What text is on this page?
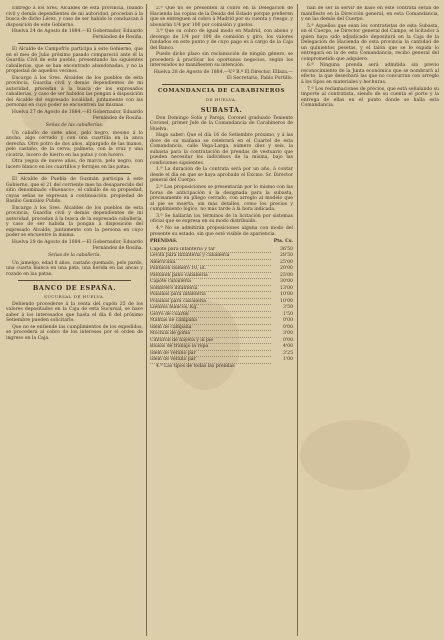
Entregó á los Sres. Alcaldes de esta provincia, (bando civil y demás dependientes de mi autoridad, procedan á la busca de dicho Lérez, y caso de ser habido lo conduzcan á disposición de este Gobierno.

Huelva 24 de Agosto de 1884.—El Gobernador, Eduardo Fernández de Rosiña.

El Alcalde de Campofrío participa á este Gobierno, que en el mes de Julio próximo pasado compareció ante él la Guardia Civil de este pueblo, presentando las siguientes caballerías, que se han encontrado abandonadas, y no la propiedad de aquellos vecinos.

Encargo á los Sres. Alcaldes de los pueblos de esta provincia, Guardia civil y demás dependientes de mi autoridad, procedan á la busca de los expresados caballerías, y caso de ser habidos las pongan á disposición del Alcalde del expresado localidad, juntamente con las personas en cuyo poder se encuentren las mismas.

Huelva 27 de Agosto de 1884.—El Gobernador, Eduardo Fernández de Rosiña.
Señas de las caballerías.

Un caballo de siete años, pelo negro, mesino á lo ancho, algo cerrado y con una cuartilla en la anca derecha. Otro potro de dos años, alpargado de las manos, pelo castaño, de la cerva, palmeta, con la cruz y una cicatriz, lucero de hierro en las patas y con lucero.

Otra yegua de nueve años, de marca, pelo negro, con lucero blanco en los cuartillos y ferrajes en las patas.

El Alcalde de Puebla de Guzmán participa á este Gobierno, que el 21 del corriente mes ha desaparecido del sitio denominado «Buenaco», el caballo de su propiedad, cuyas señas se expresan á continuación, propiedad de Basilio González Pulido.

Encargo á los Sres. Alcaldes de los pueblos de esta provincia, Guardia civil y demás dependientes de mi autoridad, procedan á la busca de la expresada caballería, y caso de ser habida la pongan á disposición del expresado Alcalde, juntamente con la persona en cuyo poder se encuentre la misma.

Huelva 28 de Agosto de 1884.—El Gobernador, Eduardo Fernández de Rosiña.
Señas de la caballería.

Un jamelgo, edad 8 años, castaño quemado, pelo pardo, una cuarta blanca en una pata, una herida en las ancas y rozado en las patas.

BANCO DE ESPAÑA.
SUCURSAL DE HUELVA.

Debiendo procederse á la venta del cupón 25 de los valores depositados en la Caja de esta Sucursal, se hace saber á los interesados que hasta el día 6 del próximo Setiembre pueden solicitarlo.

Que no se entiende las cumplimientos de los expedidos, se procederá al cobro de los intereses por el orden de ingreso en la Caja.

2.ª Que no se presenten al cobro en la Delegación de Hacienda las copias de la Deuda del Estado porque prefieren que se entreguen al cobro á Madrid por su cuenta y riesgo, y abonarán 1/4 por 100 por comisión y gastos.

3.ª Que su cobro de igual modo en Madrid, con abono y devengo de 1/4 por 100 de comisión y giro, los valores fundados en este punto y de cuyo pago es á cargo de la Caja del Banco.

Puedo dicho plazo sin reclamación de ningún género, se procederá á practicar los oportunos negocios, según los interesados no manifiesten su intención.

Huelva 28 de Agosto de 1884.—V.º B.º El Director, Ellaza.—El Secretario, Pablo Portillo.
COMANDANCIA DE CARABINEROS
DE HUELVA.
SUBASTA.

Don Domingo Solís y Pareja, Coronel graduado Teniente Coronel, primer Jefe de la Comandancia de Carabineros de Huelva.

Hago saber: Que el día 16 de Setiembre próximo, y á las doce de su mañana se celebrará en el Cuartel de esta Comandancia, calle Vega-Larga, número diez y seis, la subasta para la contratación de prendas de vestuario que pueden necesitar los individuos de la misma, bajo las condiciones siguientes.

1.ª La duración de la contrata será por un año, á contar desde el día en que se haya aprobado el Excmo. Sr. Director general del Cuerpo.

2.ª Las proposiciones se presentarán por lo mismo con las horas de anticipación á la designada para la subasta, precisamente en pliego cerrado, con arreglo al modelo que al pie se inserta, sin más detalles, como los precios y cumplimiento lógico, no más tarde á la hora indicada.

3.ª Se hallarán los términos de la licitación por sistemas oficial que se expresa en su modo distribuido.

4.ª No se admitirán proposiciones alguna con modo del presente su estado, sin que esté visible de apariencia.

PRENDAS.	Pts. Cs.
Capote para infantería y tar	36'50
Levita para infantería y caballería	28'50
Americana.	25'00
Pantalón número 10, id.	20'00
Pantalón paño caballería	25'00
Capote caballería	30'00
Sombrero infantería	13'00
Polainas para infantería	10'00
Polainas para caballería	10'00
Lienzos blancos. Kg.	3'50
Gorro de cuartel	1'50
Mantas de campaña	0'00
Idem de campaña	0'00
Mochila de goma	3'00
Cinturón de bayeta y al pie	0'00
Blusas de trabajo la ropa	4'00
Idem de verano par	3'25
Idem de verano par	1'00

4.ª Las tipos de todas las prendas

han de ser la servir de base en este contrata serán de manifiesto en la Dirección general, en esta Comandancia, y en las demás del Cuerpo.

5.ª Aquellos que sean los contratistas de esta Subasta, en el Cuerpo, se Director general del Campo, el licitador á quien haya sido adjudicado depositará en la Caja de la Delegación de Hacienda de esta provincia la cantidad de un quinientos pesetas, y el talón que se le expida lo entregará en la de esta Comandancia, recibo general del comprometido que adquiere.

6.ª Ninguna prenda será admitida sin previo reconocimiento de la Junta económica que se nombrará al efecto, la que desechará las que no concurran con arreglo á los tipos en materiales y hechuras.

7.ª Los reclamaciones de precios, que está señalando su importe al contratista, siendo de su cuenta el porte y la entrega de ellas en el punto donde se halla esta Comandancia.
